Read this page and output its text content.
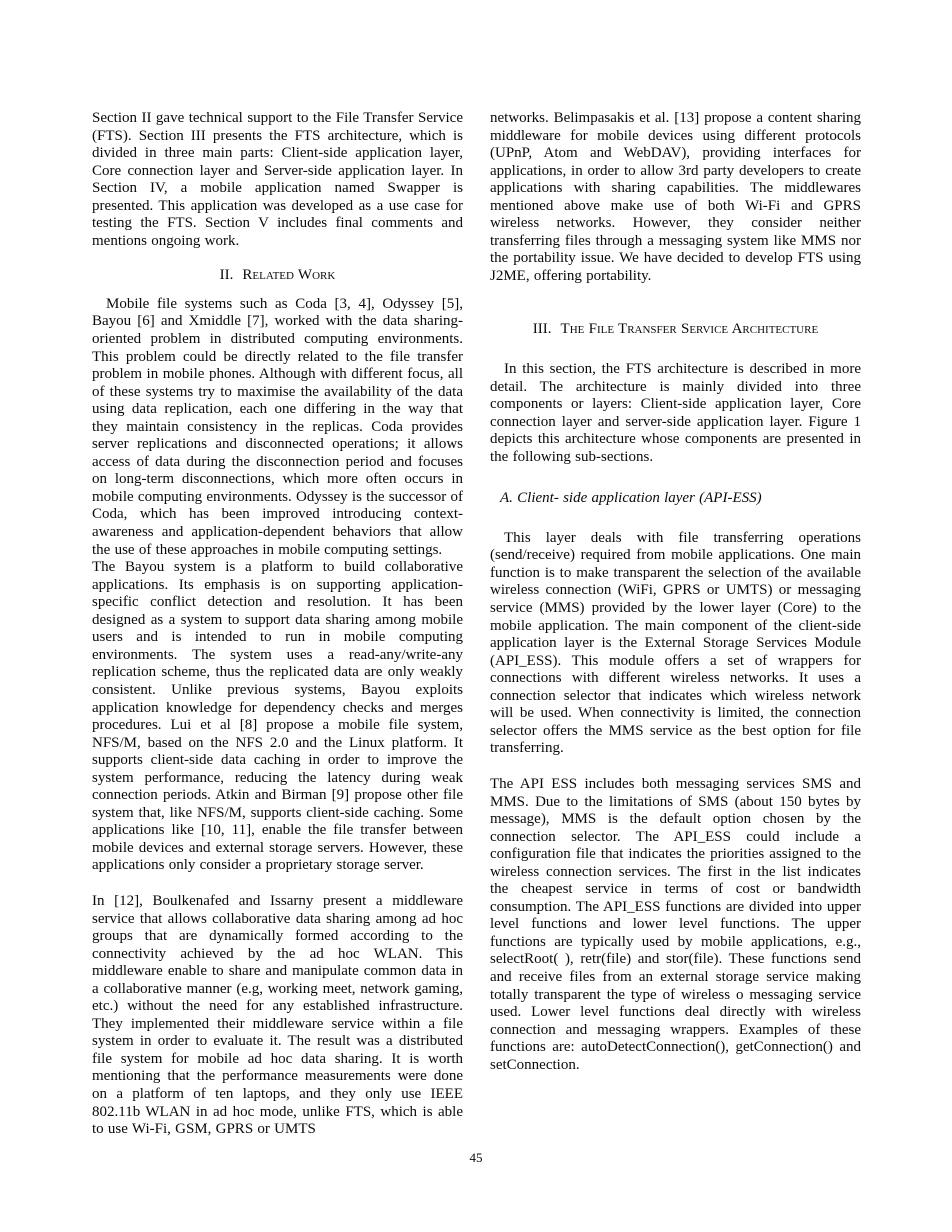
Section II gave technical support to the File Transfer Service (FTS). Section III presents the FTS architecture, which is divided in three main parts: Client-side application layer, Core connection layer and Server-side application layer. In Section IV, a mobile application named Swapper is presented. This application was developed as a use case for testing the FTS. Section V includes final comments and mentions ongoing work.

II. Related Work

Mobile file systems such as Coda [3, 4], Odyssey [5], Bayou [6] and Xmiddle [7], worked with the data sharing-oriented problem in distributed computing environments. This problem could be directly related to the file transfer problem in mobile phones. Although with different focus, all of these systems try to maximise the availability of the data using data replication, each one differing in the way that they maintain consistency in the replicas. Coda provides server replications and disconnected operations; it allows access of data during the disconnection period and focuses on long-term disconnections, which more often occurs in mobile computing environments. Odyssey is the successor of Coda, which has been improved introducing context-awareness and application-dependent behaviors that allow the use of these approaches in mobile computing settings.

The Bayou system is a platform to build collaborative applications. Its emphasis is on supporting application-specific conflict detection and resolution. It has been designed as a system to support data sharing among mobile users and is intended to run in mobile computing environments. The system uses a read-any/write-any replication scheme, thus the replicated data are only weakly consistent. Unlike previous systems, Bayou exploits application knowledge for dependency checks and merges procedures. Lui et al [8] propose a mobile file system, NFS/M, based on the NFS 2.0 and the Linux platform. It supports client-side data caching in order to improve the system performance, reducing the latency during weak connection periods. Atkin and Birman [9] propose other file system that, like NFS/M, supports client-side caching. Some applications like [10, 11], enable the file transfer between mobile devices and external storage servers. However, these applications only consider a proprietary storage server.

In [12], Boulkenafed and Issarny present a middleware service that allows collaborative data sharing among ad hoc groups that are dynamically formed according to the connectivity achieved by the ad hoc WLAN. This middleware enable to share and manipulate common data in a collaborative manner (e.g, working meet, network gaming, etc.) without the need for any established infrastructure. They implemented their middleware service within a file system in order to evaluate it. The result was a distributed file system for mobile ad hoc data sharing. It is worth mentioning that the performance measurements were done on a platform of ten laptops, and they only use IEEE 802.11b WLAN in ad hoc mode, unlike FTS, which is able to use Wi-Fi, GSM, GPRS or UMTS

networks. Belimpasakis et al. [13] propose a content sharing middleware for mobile devices using different protocols (UPnP, Atom and WebDAV), providing interfaces for applications, in order to allow 3rd party developers to create applications with sharing capabilities. The middlewares mentioned above make use of both Wi-Fi and GPRS wireless networks. However, they consider neither transferring files through a messaging system like MMS nor the portability issue. We have decided to develop FTS using J2ME, offering portability.

III. The File Transfer Service Architecture

In this section, the FTS architecture is described in more detail. The architecture is mainly divided into three components or layers: Client-side application layer, Core connection layer and server-side application layer. Figure 1 depicts this architecture whose components are presented in the following sub-sections.

A. Client- side application layer (API-ESS)

This layer deals with file transferring operations (send/receive) required from mobile applications. One main function is to make transparent the selection of the available wireless connection (WiFi, GPRS or UMTS) or messaging service (MMS) provided by the lower layer (Core) to the mobile application. The main component of the client-side application layer is the External Storage Services Module (API_ESS). This module offers a set of wrappers for connections with different wireless networks. It uses a connection selector that indicates which wireless network will be used. When connectivity is limited, the connection selector offers the MMS service as the best option for file transferring.

The API ESS includes both messaging services SMS and MMS. Due to the limitations of SMS (about 150 bytes by message), MMS is the default option chosen by the connection selector. The API_ESS could include a configuration file that indicates the priorities assigned to the wireless connection services. The first in the list indicates the cheapest service in terms of cost or bandwidth consumption. The API_ESS functions are divided into upper level functions and lower level functions. The upper functions are typically used by mobile applications, e.g., selectRoot( ), retr(file) and stor(file). These functions send and receive files from an external storage service making totally transparent the type of wireless o messaging service used. Lower level functions deal directly with wireless connection and messaging wrappers. Examples of these functions are: autoDetectConnection(), getConnection() and setConnection.

45
